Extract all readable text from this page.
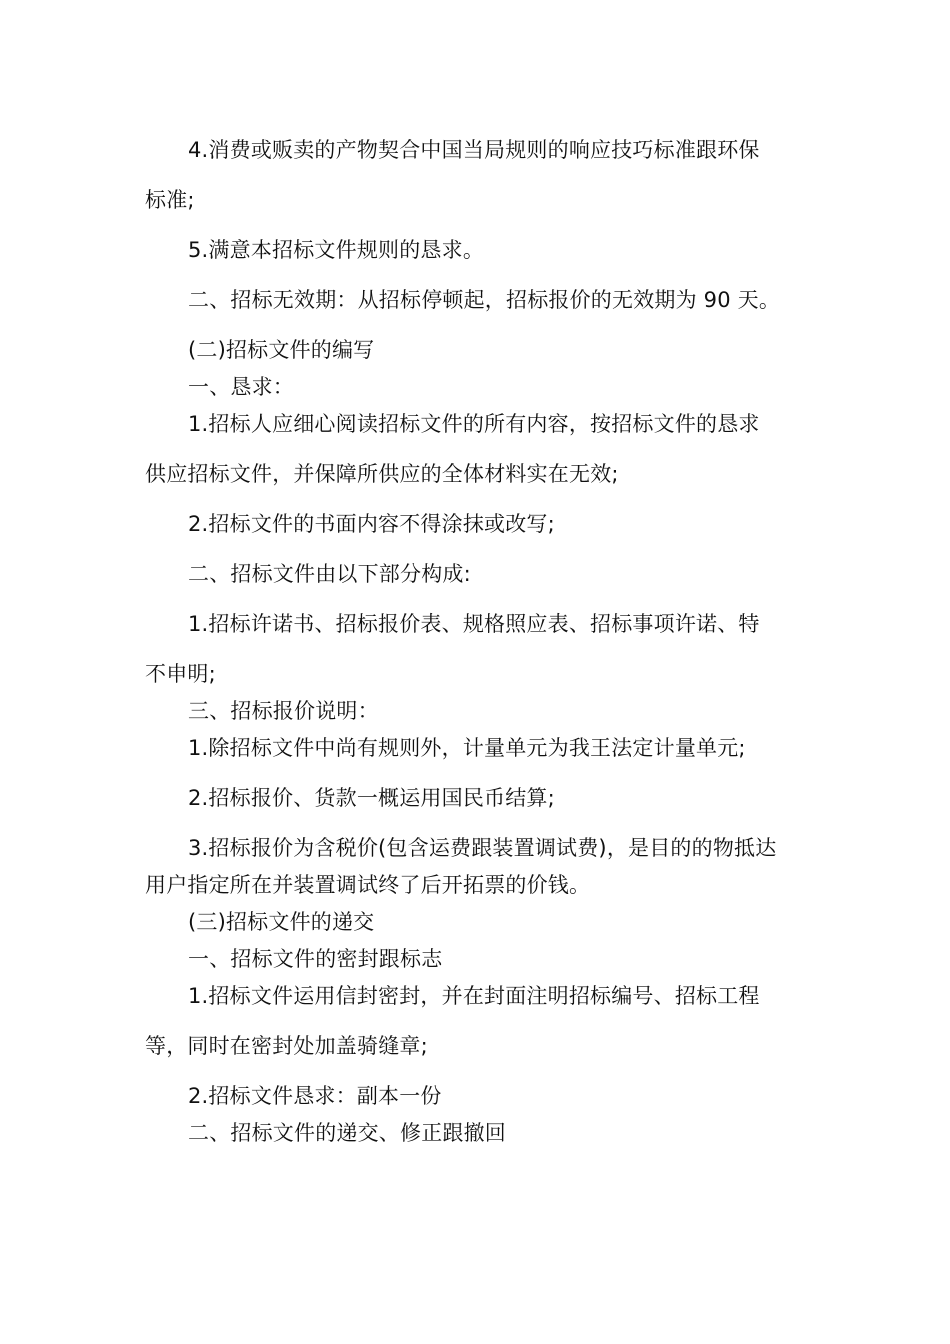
4.消费或贩卖的产物契合中国当局规则的响应技巧标准跟环保
标准;
5.满意本招标文件规则的恳求。
二、招标无效期：从招标停顿起，招标报价的无效期为 90 天。
(二)招标文件的编写
一、恳求：
1.招标人应细心阅读招标文件的所有内容，按招标文件的恳求
供应招标文件，并保障所供应的全体材料实在无效;
2.招标文件的书面内容不得涂抹或改写;
二、招标文件由以下部分构成:
1.招标许诺书、招标报价表、规格照应表、招标事项许诺、特
不申明;
三、招标报价说明：
1.除招标文件中尚有规则外，计量单元为我王法定计量单元;
2.招标报价、货款一概运用国民币结算;
3.招标报价为含税价(包含运费跟装置调试费)，是目的的物抵达
用户指定所在并装置调试终了后开拓票的价钱。
(三)招标文件的递交
一、招标文件的密封跟标志
1.招标文件运用信封密封，并在封面注明招标编号、招标工程
等，同时在密封处加盖骑缝章;
2.招标文件恳求：副本一份
二、招标文件的递交、修正跟撤回
